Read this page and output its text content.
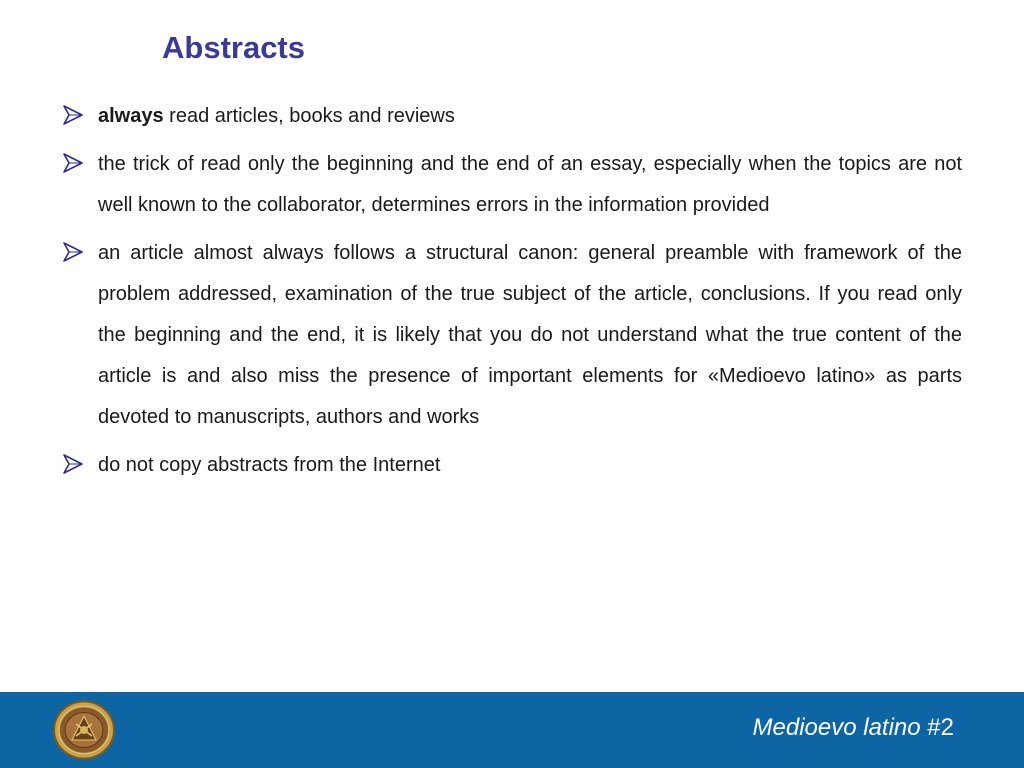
Abstracts
always read articles, books and reviews
the trick of read only the beginning and the end of an essay, especially when the topics are not well known to the collaborator, determines errors in the information provided
an article almost always follows a structural canon: general preamble with framework of the problem addressed, examination of the true subject of the article, conclusions. If you read only the beginning and the end, it is likely that you do not understand what the true content of the article is and also miss the presence of important elements for «Medioevo latino» as parts devoted to manuscripts, authors and works
do not copy abstracts from the Internet
Medioevo latino #2
